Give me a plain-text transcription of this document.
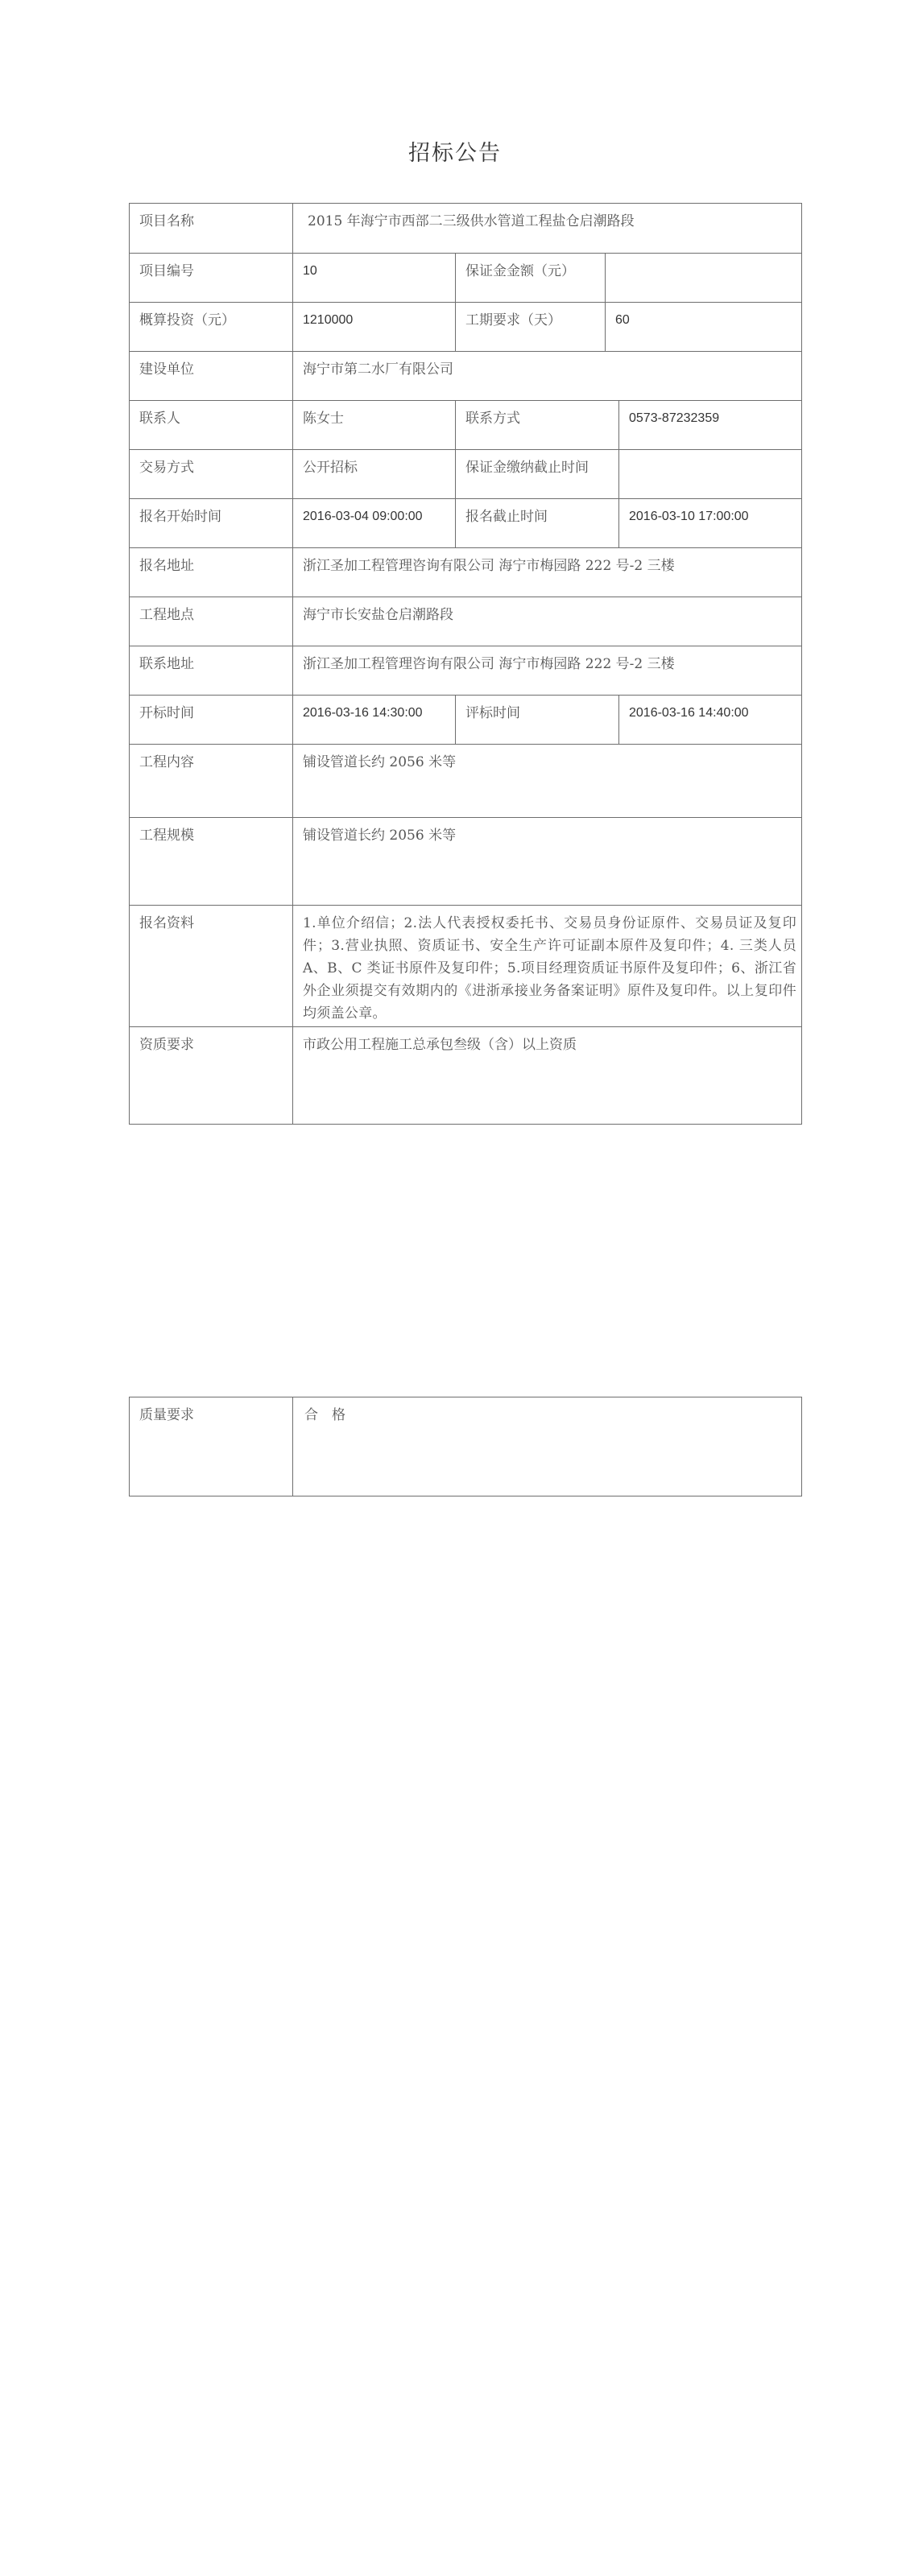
招标公告
项目名称	2015 年海宁市西部二三级供水管道工程盐仓启潮路段			
项目编号	10	保证金金额（元）		
概算投资（元）	1210000	工期要求（天）	60	
建设单位	海宁市第二水厂有限公司			
联系人	陈女士	联系方式		0573-87232359
交易方式	公开招标	保证金缴纳截止时间		
报名开始时间	2016-03-04 09:00:00	报名截止时间		2016-03-10 17:00:00
报名地址	浙江圣加工程管理咨询有限公司 海宁市梅园路 222 号-2 三楼			
工程地点	海宁市长安盐仓启潮路段			
联系地址	浙江圣加工程管理咨询有限公司 海宁市梅园路 222 号-2 三楼			
开标时间	2016-03-16 14:30:00	评标时间		2016-03-16 14:40:00
工程内容	铺设管道长约 2056 米等			
工程规模	铺设管道长约 2056 米等			
报名资料	1.单位介绍信；2.法人代表授权委托书、交易员身份证原件、交易员证及复印件；3.营业执照、资质证书、安全生产许可证副本原件及复印件；4. 三类人员 A、B、C 类证书原件及复印件；5.项目经理资质证书原件及复印件；6、浙江省外企业须提交有效期内的《进浙承接业务备案证明》原件及复印件。以上复印件均须盖公章。			
资质要求	市政公用工程施工总承包叁级（含）以上资质			
质量要求	合　格
